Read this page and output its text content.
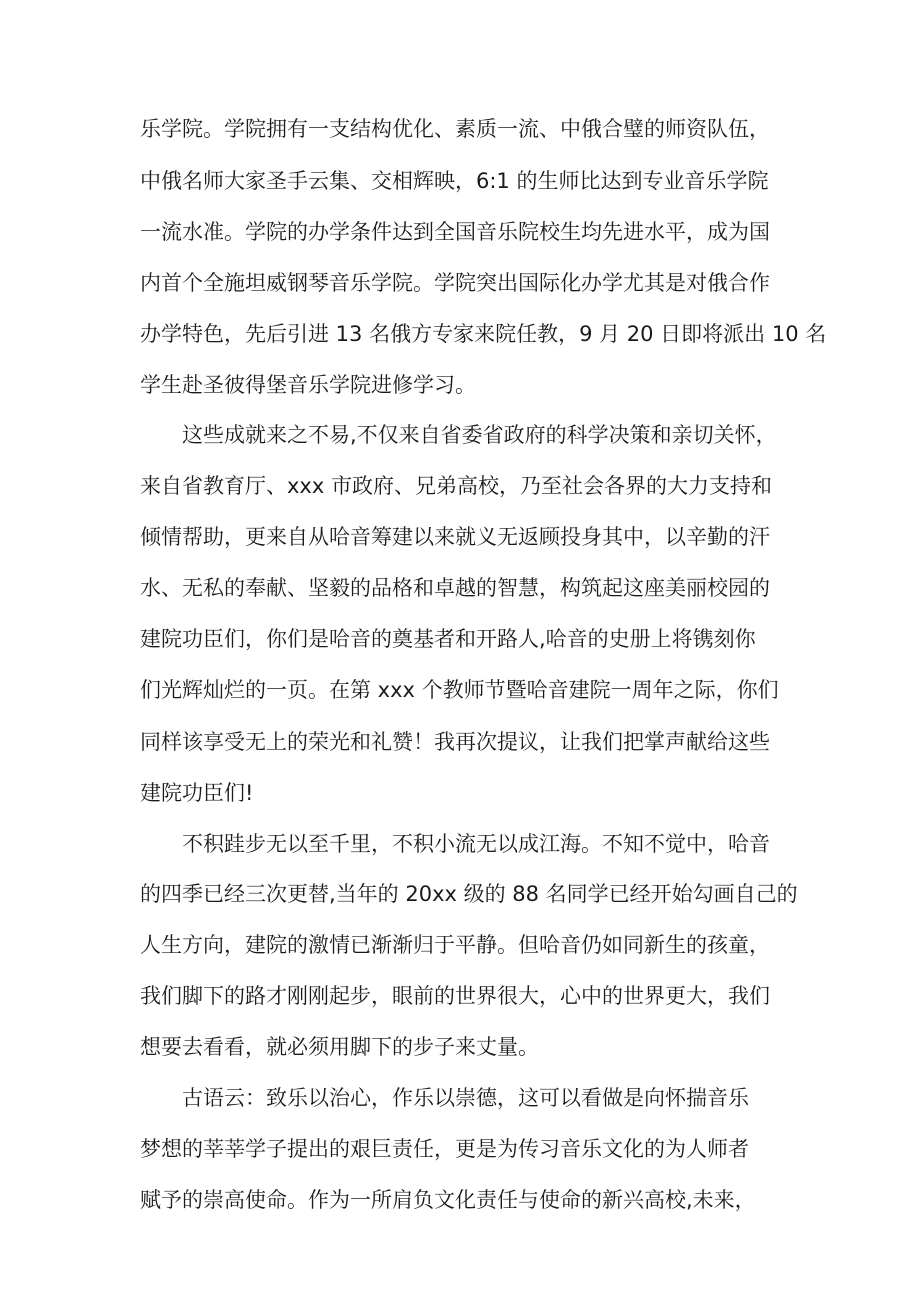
乐学院。学院拥有一支结构优化、素质一流、中俄合璧的师资队伍，
中俄名师大家圣手云集、交相辉映，6:1 的生师比达到专业音乐学院
一流水准。学院的办学条件达到全国音乐院校生均先进水平，成为国
内首个全施坦威钢琴音乐学院。学院突出国际化办学尤其是对俄合作
办学特色，先后引进 13 名俄方专家来院任教，9 月 20 日即将派出 10 名
学生赴圣彼得堡音乐学院进修学习。
这些成就来之不易,不仅来自省委省政府的科学决策和亲切关怀，
来自省教育厅、xxx 市政府、兄弟高校，乃至社会各界的大力支持和
倾情帮助，更来自从哈音筹建以来就义无返顾投身其中，以辛勤的汗
水、无私的奉献、坚毅的品格和卓越的智慧，构筑起这座美丽校园的
建院功臣们，你们是哈音的奠基者和开路人,哈音的史册上将镌刻你
们光辉灿烂的一页。在第 xxx 个教师节暨哈音建院一周年之际，你们
同样该享受无上的荣光和礼赞！我再次提议，让我们把掌声献给这些
建院功臣们!
不积跬步无以至千里，不积小流无以成江海。不知不觉中，哈音
的四季已经三次更替,当年的 20xx 级的 88 名同学已经开始勾画自己的
人生方向，建院的激情已渐渐归于平静。但哈音仍如同新生的孩童，
我们脚下的路才刚刚起步，眼前的世界很大，心中的世界更大，我们
想要去看看，就必须用脚下的步子来丈量。
古语云：致乐以治心，作乐以崇德，这可以看做是向怀揣音乐
梦想的莘莘学子提出的艰巨责任，更是为传习音乐文化的为人师者
赋予的崇高使命。作为一所肩负文化责任与使命的新兴高校,未来，
